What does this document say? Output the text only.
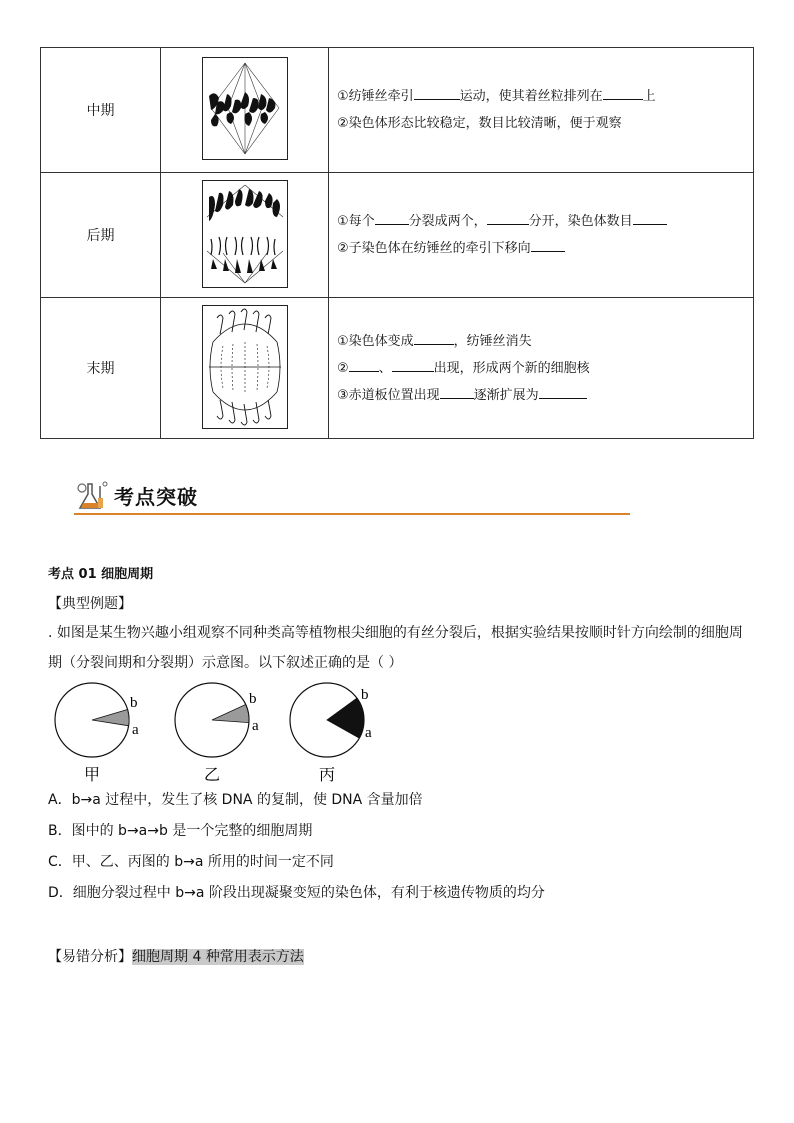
中期		①纺锤丝牵引 运动，使其着丝粒排列在 上
②染色体形态比较稳定，数目比较清晰，便于观察

后期		①每个 分裂成两个， 分开，染色体数目
②子染色体在纺锤丝的牵引下移向

末期		①染色体变成 ，纺锤丝消失
② 、 出现，形成两个新的细胞核
③赤道板位置出现 逐渐扩展为
考点突破
考点 01 细胞周期
【典型例题】
. 如图是某生物兴趣小组观察不同种类高等植物根尖细胞的有丝分裂后，根据实验结果按顺时针方向绘制的细胞周
期（分裂间期和分裂期）示意图。以下叙述正确的是（ ）
b
a
甲
b
a
乙
b
a
丙
A．b→a 过程中，发生了核 DNA 的复制，使 DNA 含量加倍
B．图中的 b→a→b 是一个完整的细胞周期
C．甲、乙、丙图的 b→a 所用的时间一定不同
D．细胞分裂过程中 b→a 阶段出现凝聚变短的染色体，有利于核遗传物质的均分
【易错分析】细胞周期 4 种常用表示方法
